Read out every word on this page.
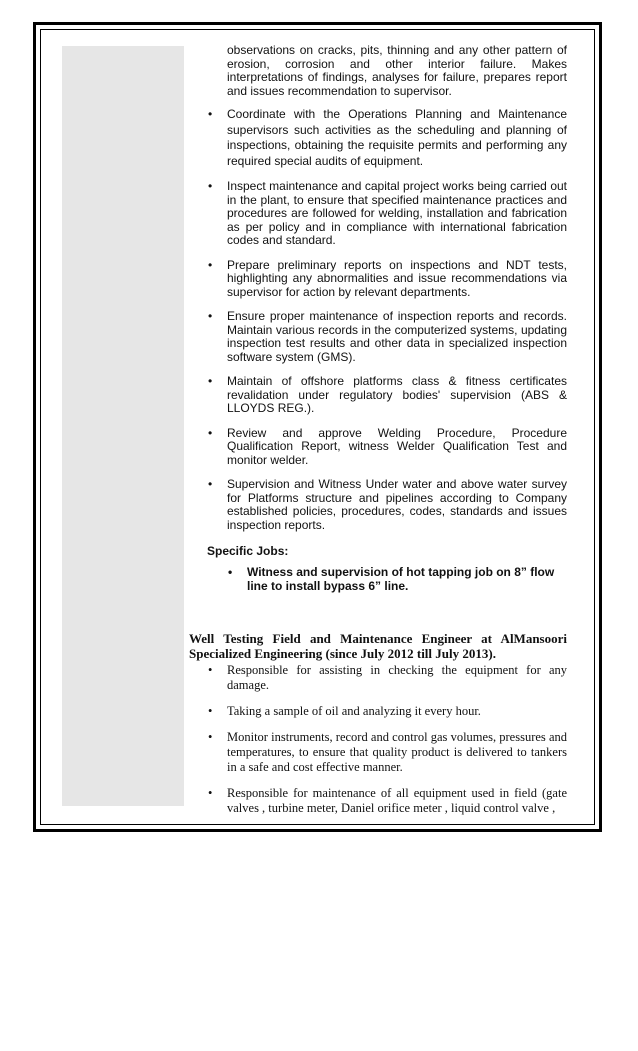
observations on cracks, pits, thinning and any other pattern of erosion, corrosion and other interior failure. Makes interpretations of findings, analyses for failure, prepares report and issues recommendation to supervisor.

• Coordinate with the Operations Planning and Maintenance supervisors such activities as the scheduling and planning of inspections, obtaining the requisite permits and performing any required special audits of equipment.
• Inspect maintenance and capital project works being carried out in the plant, to ensure that specified maintenance practices and procedures are followed for welding, installation and fabrication as per policy and in compliance with international fabrication codes and standard.
• Prepare preliminary reports on inspections and NDT tests, highlighting any abnormalities and issue recommendations via supervisor for action by relevant departments.
• Ensure proper maintenance of inspection reports and records. Maintain various records in the computerized systems, updating inspection test results and other data in specialized inspection software system (GMS).
• Maintain of offshore platforms class & fitness certificates revalidation under regulatory bodies' supervision (ABS & LLOYDS REG.).
• Review and approve Welding Procedure, Procedure Qualification Report, witness Welder Qualification Test and monitor welder.
• Supervision and Witness Under water and above water survey for Platforms structure and pipelines according to Company established policies, procedures, codes, standards and issues inspection reports.
Specific Jobs:
• Witness and supervision of hot tapping job on 8” flow line to install bypass 6” line.
Well Testing Field and Maintenance Engineer at AlMansoori Specialized Engineering (since July 2012 till July 2013).
• Responsible for assisting in checking the equipment for any damage.
• Taking a sample of oil and analyzing it every hour.
• Monitor instruments, record and control gas volumes, pressures and temperatures, to ensure that quality product is delivered to tankers in a safe and cost effective manner.
• Responsible for maintenance of all equipment used in field (gate valves , turbine meter, Daniel orifice meter , liquid control valve ,
